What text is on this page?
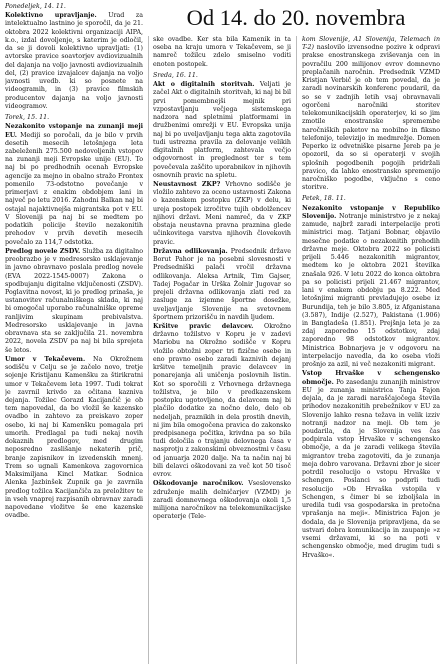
Od 14. do 20. novembra

Ponedeljek, 14. 11.

Kolektivno upravljanje. Urad za intelektualno lastnino je sporočil, da je 21. oktobra 2022 kolektivni organizaciji AIPA, k.o., izdal dovoljenje, s katerim je odločil, da se ji dovoli kolektivno upravljati: (1) avtorske pravice soavtorjev avdiovizualnih del dajanja na voljo javnosti avdiovizualnih del, (2) pravice izvajalcev dajanja na voljo javnosti uvedb. ki so posnete na videogramih, in (3) pravice filmskih producentov dajanja na voljo javnosti videogramov.

Torek, 15. 11.

Nezakonito vstopanje na zunanji meji EU. Mediji so poročali, da je bilo v prvih desetih mesecih letošnjega leta zabeleženih 275.500 nedovoljenih vstopov na zunanji meji Evropske unije (EU). To naj bi po predhodnih ocenah Evropske agencije za mejno in obalno stražo Frontex pomenilo 73-odstotno povečanje v primerjavi z enakim obdobjem lani in največ po letu 2016. Zahodni Balkan naj bi ostajal najaktivnejša migrantska pot v EU. V Sloveniji pa naj bi se medtem po podatkih policije število nezakonitih prehodov v prvih devetih mesecih povečalo za 114,7 odstotka.

Predlog novele ZSDV. Služba za digitalno preobrazbo je v medresorsko usklajevanje in javno obravnavo poslala predlog novele (EVA 2022-1545-0007) Zakona o spodbujanju digitalne vključenosti (ZSDV). Poglavitna novost, ki jo predlog prinaša, je ustanovitev računalniškega sklada, ki naj bi omogočal uporabo računalniške opreme ranljivim skupinam prebivalstva. Medresorsko usklajevanje in javna obravnava sta se zaključila 21. novembra 2022, novela ZSDV pa naj bi bila sprejeta še letos.

Umor v Tekačevem. Na Okrožnem sodišču v Celju se je začelo novo, tretje sojenje Kristijanu Kamenšku za štirikratni umor v Tekačevem leta 1997. Tudi tokrat je zavrnil krivdo za očitana kazniva dejanja. Tožilec Gorazd Kacijančič je ob tem napovedal, da bo vložil še kazensko ovadbo in zahtevo za preiskavo zoper osebo, ki naj bi Kamenšku pomagala pri umorih. Predlagal pa tudi nekaj novih dokaznih predlogov, med drugim neposredno zaslišanje nekaterih prič, branje zapisnikov in izvedenskih mnenj. Trem so ugnali Kamenkova zagovornica Maksimiljana Kincl Matkar. Sodnica Alenka Jazbinšek Zupnik ga je zavrnila predlog tožilca Kacijančiča za preložitev te in vseh vnaprej razpisanih obravnav zaradi napovedane vložitve še ene kazenske ovadbe.

ske ovadbe. Ker sta bila Kamenik in ta oseba na kraju umora v Tekačevem, se ji namreč tožilcu zdelo smiselno voditi enoten postopek.

Sreda, 16. 11.

Akt o digitalnih storitvah. Veljati je začel Akt o digitalnih storitvah, ki naj bi bil prvi pomembnejši mejnik pri vzpostavljanju večjega sistemskega nadzora nad spletnimi platformami in družbenimi omrežji v EU. Evropska unija naj bi po uveljavljanju tega akta zagotovila tudi ustrezna pravila za delovanje velikih digitalnih platform, zahtevala večjo odgovornost in preglednost ter s tem povečevala zaščito uporabnikov in njihovih osnovnih pravic na spletu.

Neustavnost ZKP? Vrhovno sodišče je vložilo zahtevo za oceno ustavnosti Zakona o kazenskem postopku (ZKP) v delu, ki ureja postopek izročitve tujih obdolžencev njihovi državi. Meni namreč, da v ZKP obstaja neustavna pravna praznina glede učinkovitega varstva njihovih človekovih pravic.

Državna odlikovanja. Predsednik države Borut Pahor je na posebni slovesnosti v Predsedniški palači vročil državna odlikovanja. Aleksa Artnik, Tim Gajser, Tadej Pogačar in Urška Žolnir Jugovar so prejeli državna odlikovanja zlati red za zasluge za izjemne športne dosežke, uveljavljanje Slovenije na svetovnem športnem prizorišču in navdih ljudem.

Kršitve pravic delavcev. Okrožno državno tožilstvo v Kopru je v zadevi Mariobu na Okrožno sodišče v Kopru vložilo obtožni zoper tri fizične osebe in eno pravno osebo zaradi kaznivih dejanj kršitve temeljnih pravic delavcev in ponarejanja ali uničenja poslovnih listin. Kot so sporočili z Vrhovnega državnega tožilstva, je bilo v predkazenskem postopku ugotovljeno, da delavcem naj bi plačilo dodatke za nočno delo, delo ob nedeljah, praznikih in dela prostih dnevih, ni jim bila omogočena pravica do zakonsko predpisanega počitka, krivdna pa so bila tudi določila o trajanju delovnega časa v nasprotju z zakonskimi obveznostmi v času od januarja 2020 dalje. Na ta način naj bi bili delavci oškodovani za več kot 50 tisoč evrov.

Oškodovanje naročnikov. Vseslovensko združenje malih delničarjev (VZMD) je zaradi domnevnega oškodovanja okoli 1,5 milijona naročnikov na telekomunikacijske operaterje (Tele-

kom Slovenije, A1 Slovenija, Telemach in T-2) naslovilo izvensodne pozive k odpravi prakse enostranskega zviševanja cen in povračilu 200 milijonov evrov domnevno preplačanih naročnin. Predsednik VZMD Kristjan Verbič je ob tem povedal, da je zaradi novinarskih konferenc poudaril, da so se v zadnjih letih vsaj obravnavali ogorčeni naročniki storitev telekomunikacijskih operaterjev, ki so jim zmotile enostranske spremembe naročniških paketov na mobilno in fiksno telefonijo, televizijo in medmrežje. Domen Peperko iz odvetniške pisarne Jereb pa je opozoril, da so si operaterji v svojih splošnih pogodbenih pogojih pridržali pravico, da lahko enostransko spremenijo naročniško pogodbe, vključno s ceno storitve.

Petek, 18. 11.

Nezakonito vstopanje v Republiko Slovenijo. Notranje ministrstvo je z nekaj zamude, najbrž zaradi interpelacije proti ministrici mag. Tatjani Bobnar, objavilo mesečne podatke o nezakonitih prehodih državne meje. Oktobra 2022 so policisti prijeli 5.446 nezakonitih migrantov, medtem ko je oktobra 2021 številka znašala 926. V letu 2022 do konca oktobra pa so policisti prijeli 21.467 migrantov, lani v enakem obdobju pa 8.222. Med letošnjimi migranti prevladujejo osebe iz Burundija, teh je bilo 3.805, iz Afganistana (3.587), Indije (2.527), Pakistana (1.906) in Bangladeša (1.851). Prejšnja leta je za zdaj zaporedno 15 odstotkov, zdaj zaporedno 98 odstotkov migrantov. Ministrica Bobnarjeva je v odgovoru na interpelacijo navedla, da ko oseba vloži prošnjo za azil, ni več nezakoniti migrant.

Vstop Hrvaške v schengensko območje. Po zasedanju zunanjih ministrov EU je zunanja ministrica Tanja Fajon dejala, da je zaradi naraščajočega števila prihodov nezakonitih prebežnikov v EU za Slovenijo lahko resna težava in velik izziv notranji nadzor na meji. Ob tem je poudarila, da je Slovenija ves čas podpirala vstop Hrvaške v schengensko območje, a da je zaradi velikega števila migrantov treba zagotoviti, da je zunanja meja dobro varovana. Državni zbor je sicer potrdil resolucijo o vstopu Hrvaške v schengen. Poslanci so podprli tudi resolucijo »Ob Hrvaška vstopila v Schengen, s čimer bi se izboljšala in uredila tudi vsa gospodarska in pretočna vprašanja na meji«. Ministrica Fajon je dodala, da je Slovenija pripravljena, da se ustvari dobra komunikacija in zaupanje »z vsemi državami, ki so na poti v schengensko območje, med drugim tudi s Hrvaško«.
